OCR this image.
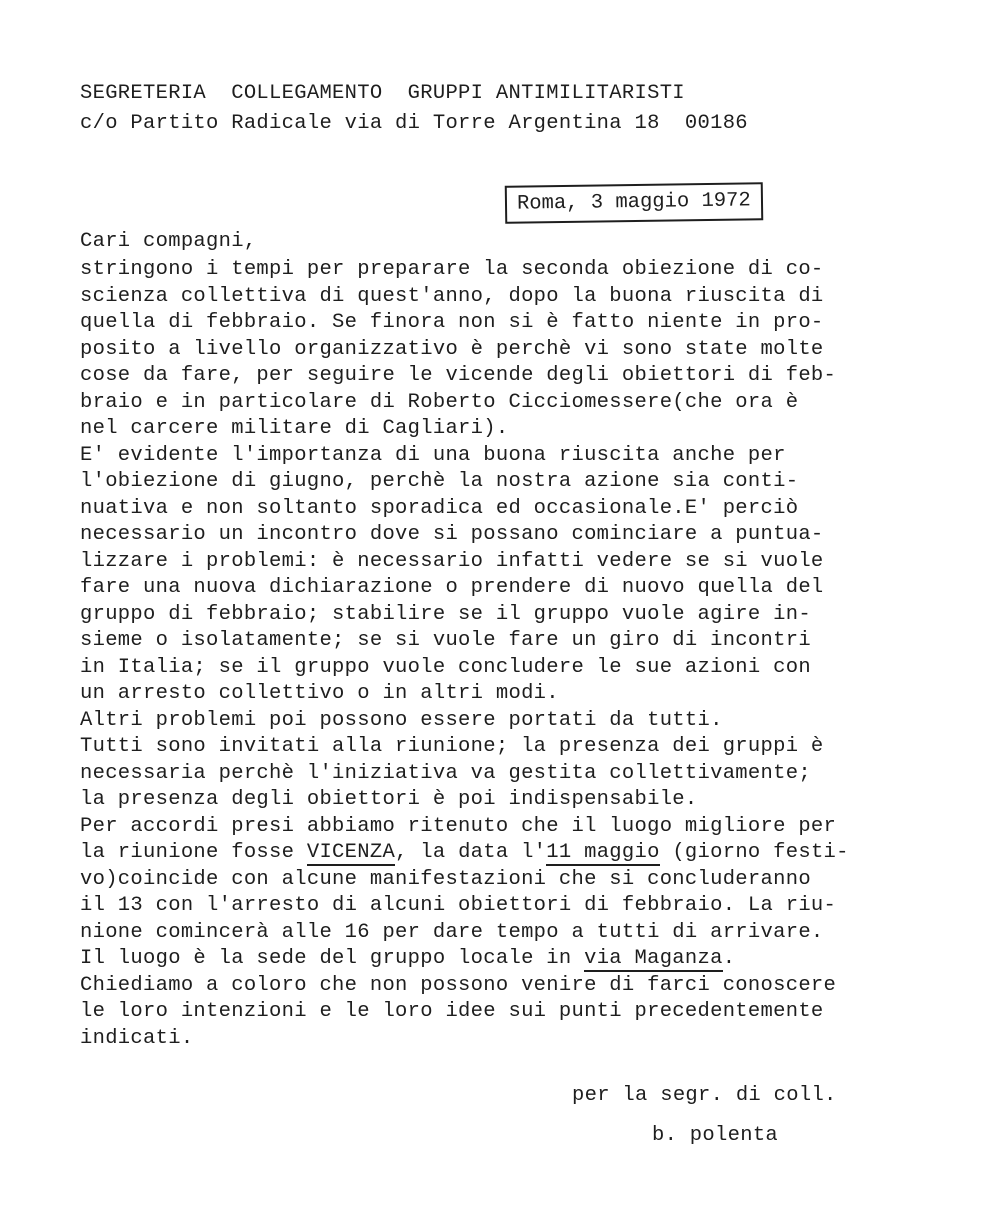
SEGRETERIA  COLLEGAMENTO  GRUPPI ANTIMILITARISTI
c/o Partito Radicale via di Torre Argentina 18  00186
Roma, 3 maggio 1972
Cari compagni,
stringono i tempi per preparare la seconda obiezione di co-
scienza collettiva di quest'anno, dopo la buona riuscita di
quella di febbraio. Se finora non si è fatto niente in pro-
posito a livello organizzativo è perchè vi sono state molte
cose da fare, per seguire le vicende degli obiettori di feb-
braio e in particolare di Roberto Cicciomessere(che ora è
nel carcere militare di Cagliari).
E' evidente l'importanza di una buona riuscita anche per
l'obiezione di giugno, perchè la nostra azione sia conti-
nuativa e non soltanto sporadica ed occasionale.E' perciò
necessario un incontro dove si possano cominciare a puntua-
lizzare i problemi: è necessario infatti vedere se si vuole
fare una nuova dichiarazione o prendere di nuovo quella del
gruppo di febbraio; stabilire se il gruppo vuole agire in-
sieme o isolatamente; se si vuole fare un giro di incontri
in Italia; se il gruppo vuole concludere le sue azioni con
un arresto collettivo o in altri modi.
Altri problemi poi possono essere portati da tutti.
Tutti sono invitati alla riunione; la presenza dei gruppi è
necessaria perchè l'iniziativa va gestita collettivamente;
la presenza degli obiettori è poi indispensabile.
Per accordi presi abbiamo ritenuto che il luogo migliore per
la riunione fosse VICENZA, la data l'11 maggio (giorno festi-
vo)coincide con alcune manifestazioni che si concluderanno
il 13 con l'arresto di alcuni obiettori di febbraio. La riu-
nione comincerà alle 16 per dare tempo a tutti di arrivare.
Il luogo è la sede del gruppo locale in via Maganza.
Chiediamo a coloro che non possono venire di farci conoscere
le loro intenzioni e le loro idee sui punti precedentemente
indicati.
per la segr. di coll.
b. polenta
